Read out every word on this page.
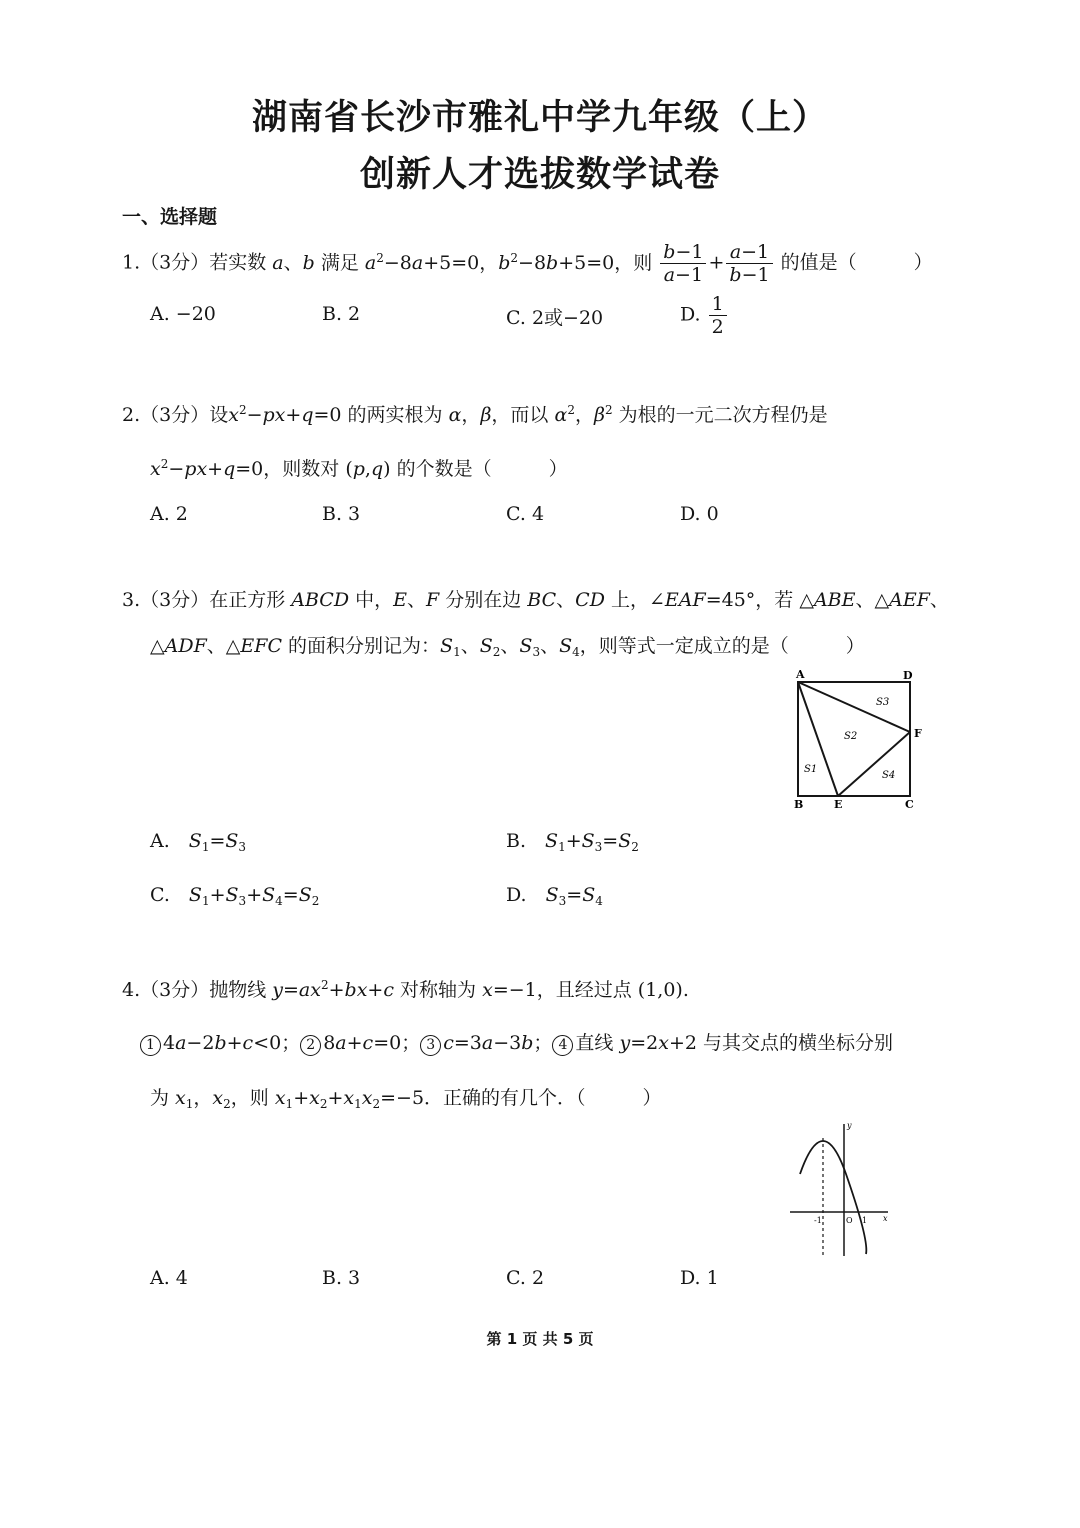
湖南省长沙市雅礼中学九年级（上）
创新人才选拔数学试卷
一、选择题
1.（3分）若实数 a、b 满足 $a^2-8a+5=0$，$b^2-8b+5=0$，则 $\frac{b-1}{a-1} + \frac{a-1}{b-1}$ 的值是（　　　）
A. −20	B. 2	C. 2或−20	D. $\frac{1}{2}$
2.（3分）设$x^2-px+q=0$ 的两实根为 α，β，而以 $\alpha^2$，$\beta^2$ 为根的一元二次方程仍是
$x^2-px+q=0$，则数对 (p,q) 的个数是（　　　）
A. 2	B. 3	C. 4	D. 0
3.（3分）在正方形 ABCD 中，E、F 分别在边 BC、CD 上，∠EAF=45°，若 △ABE、△AEF、
△ADF、△EFC 的面积分别记为：$S_1$、$S_2$、$S_3$、$S_4$，则等式一定成立的是（　　　）
A	D
B	C
E
F
S3
S2
S1
S4
A.　 $S_1=S_3$	B.　 $S_1+S_3=S_2$
C.　 $S_1+S_3+S_4=S_2$	D.　 $S_3=S_4$
4.（3分）抛物线 $y=ax^2+bx+c$ 对称轴为 x=−1，且经过点 (1,0).
1 4a−2b+c<0； 2 8a+c=0； 3 c=3a−3b； 4 直线 y=2x+2 与其交点的横坐标分别
为 $x_1$，$x_2$，则 $x_1+x_2+x_1x_2=-5$．正确的有几个．（　　　）
-1	O 1 x
y
A. 4	B. 3	C. 2	D. 1
第 1 页 共 5 页
